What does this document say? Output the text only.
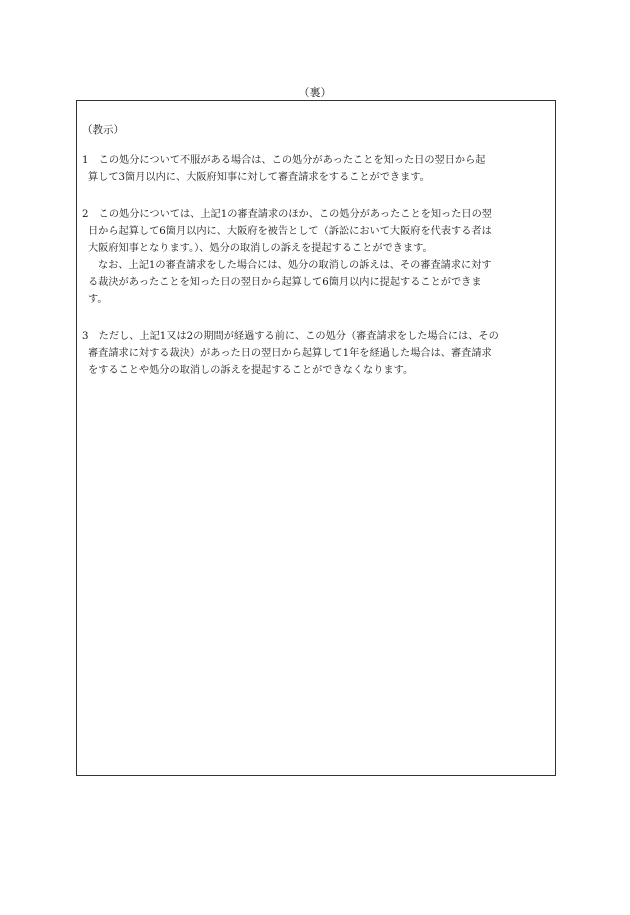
（裏）
（教示）

1　この処分について不服がある場合は、この処分があったことを知った日の翌日から起
算して3箇月以内に、大阪府知事に対して審査請求をすることができます。

2　この処分については、上記1の審査請求のほか、この処分があったことを知った日の翌
日から起算して6箇月以内に、大阪府を被告として（訴訟において大阪府を代表する者は
大阪府知事となります。）、処分の取消しの訴えを提起することができます。
なお、上記1の審査請求をした場合には、処分の取消しの訴えは、その審査請求に対す
る裁決があったことを知った日の翌日から起算して6箇月以内に提起することができま
す。

3　ただし、上記1又は2の期間が経過する前に、この処分（審査請求をした場合には、その
審査請求に対する裁決）があった日の翌日から起算して1年を経過した場合は、審査請求
をすることや処分の取消しの訴えを提起することができなくなります。
